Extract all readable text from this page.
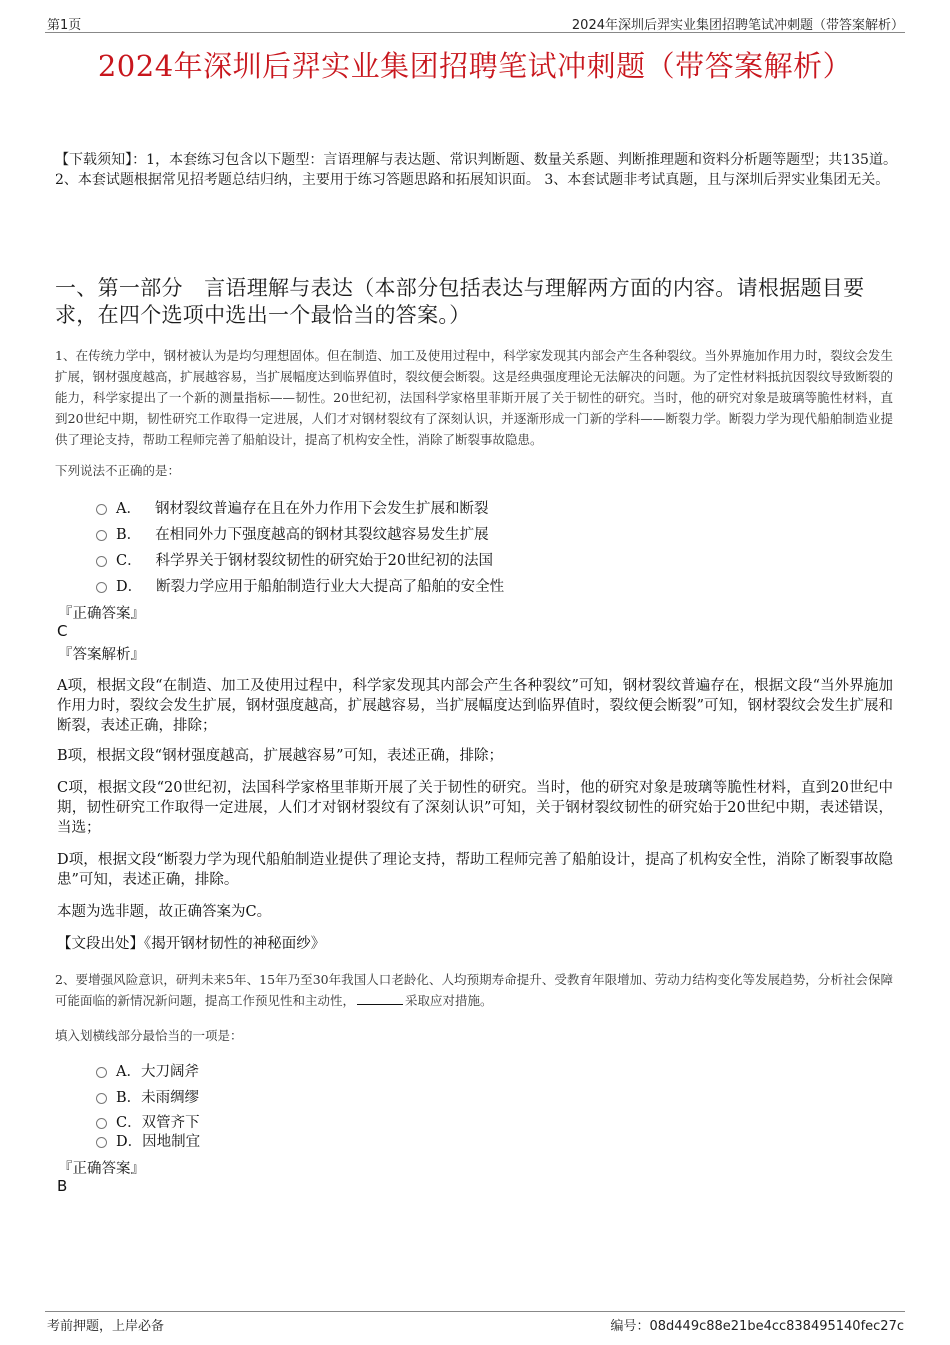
第1页	2024年深圳后羿实业集团招聘笔试冲刺题（带答案解析）
2024年深圳后羿实业集团招聘笔试冲刺题（带答案解析）
【下载须知】：1，本套练习包含以下题型：言语理解与表达题、常识判断题、数量关系题、判断推理题和资料分析题等题型；共135道。 2、本套试题根据常见招考题总结归纳，主要用于练习答题思路和拓展知识面。 3、本套试题非考试真题，且与深圳后羿实业集团无关。
一、第一部分　言语理解与表达（本部分包括表达与理解两方面的内容。请根据题目要求，在四个选项中选出一个最恰当的答案。）
1、在传统力学中，钢材被认为是均匀理想固体。但在制造、加工及使用过程中，科学家发现其内部会产生各种裂纹。当外界施加作用力时，裂纹会发生扩展，钢材强度越高，扩展越容易，当扩展幅度达到临界值时，裂纹便会断裂。这是经典强度理论无法解决的问题。为了定性材料抵抗因裂纹导致断裂的能力，科学家提出了一个新的测量指标——韧性。20世纪初，法国科学家格里菲斯开展了关于韧性的研究。当时，他的研究对象是玻璃等脆性材料，直到20世纪中期，韧性研究工作取得一定进展，人们才对钢材裂纹有了深刻认识，并逐渐形成一门新的学科——断裂力学。断裂力学为现代船舶制造业提供了理论支持，帮助工程师完善了船舶设计，提高了机构安全性，消除了断裂事故隐患。
下列说法不正确的是：
A． 钢材裂纹普遍存在且在外力作用下会发生扩展和断裂
B． 在相同外力下强度越高的钢材其裂纹越容易发生扩展
C． 科学界关于钢材裂纹韧性的研究始于20世纪初的法国
D． 断裂力学应用于船舶制造行业大大提高了船舶的安全性
『正确答案』
C
『答案解析』
A项，根据文段“在制造、加工及使用过程中，科学家发现其内部会产生各种裂纹”可知，钢材裂纹普遍存在，根据文段“当外界施加作用力时，裂纹会发生扩展，钢材强度越高，扩展越容易，当扩展幅度达到临界值时，裂纹便会断裂”可知，钢材裂纹会发生扩展和断裂，表述正确，排除；
B项，根据文段“钢材强度越高，扩展越容易”可知，表述正确，排除；
C项，根据文段“20世纪初，法国科学家格里菲斯开展了关于韧性的研究。当时，他的研究对象是玻璃等脆性材料，直到20世纪中期，韧性研究工作取得一定进展，人们才对钢材裂纹有了深刻认识”可知，关于钢材裂纹韧性的研究始于20世纪中期，表述错误，当选；
D项，根据文段“断裂力学为现代船舶制造业提供了理论支持，帮助工程师完善了船舶设计，提高了机构安全性，消除了断裂事故隐患”可知，表述正确，排除。
本题为选非题，故正确答案为C。
【文段出处】《揭开钢材韧性的神秘面纱》
2、要增强风险意识，研判未来5年、15年乃至30年我国人口老龄化、人均预期寿命提升、受教育年限增加、劳动力结构变化等发展趋势，分析社会保障可能面临的新情况新问题，提高工作预见性和主动性，	采取应对措施。
填入划横线部分最恰当的一项是：
A． 大刀阔斧
B． 未雨绸缪
C． 双管齐下
D． 因地制宜
『正确答案』
B
考前押题，上岸必备	编号：08d449c88e21be4cc838495140fec27c
